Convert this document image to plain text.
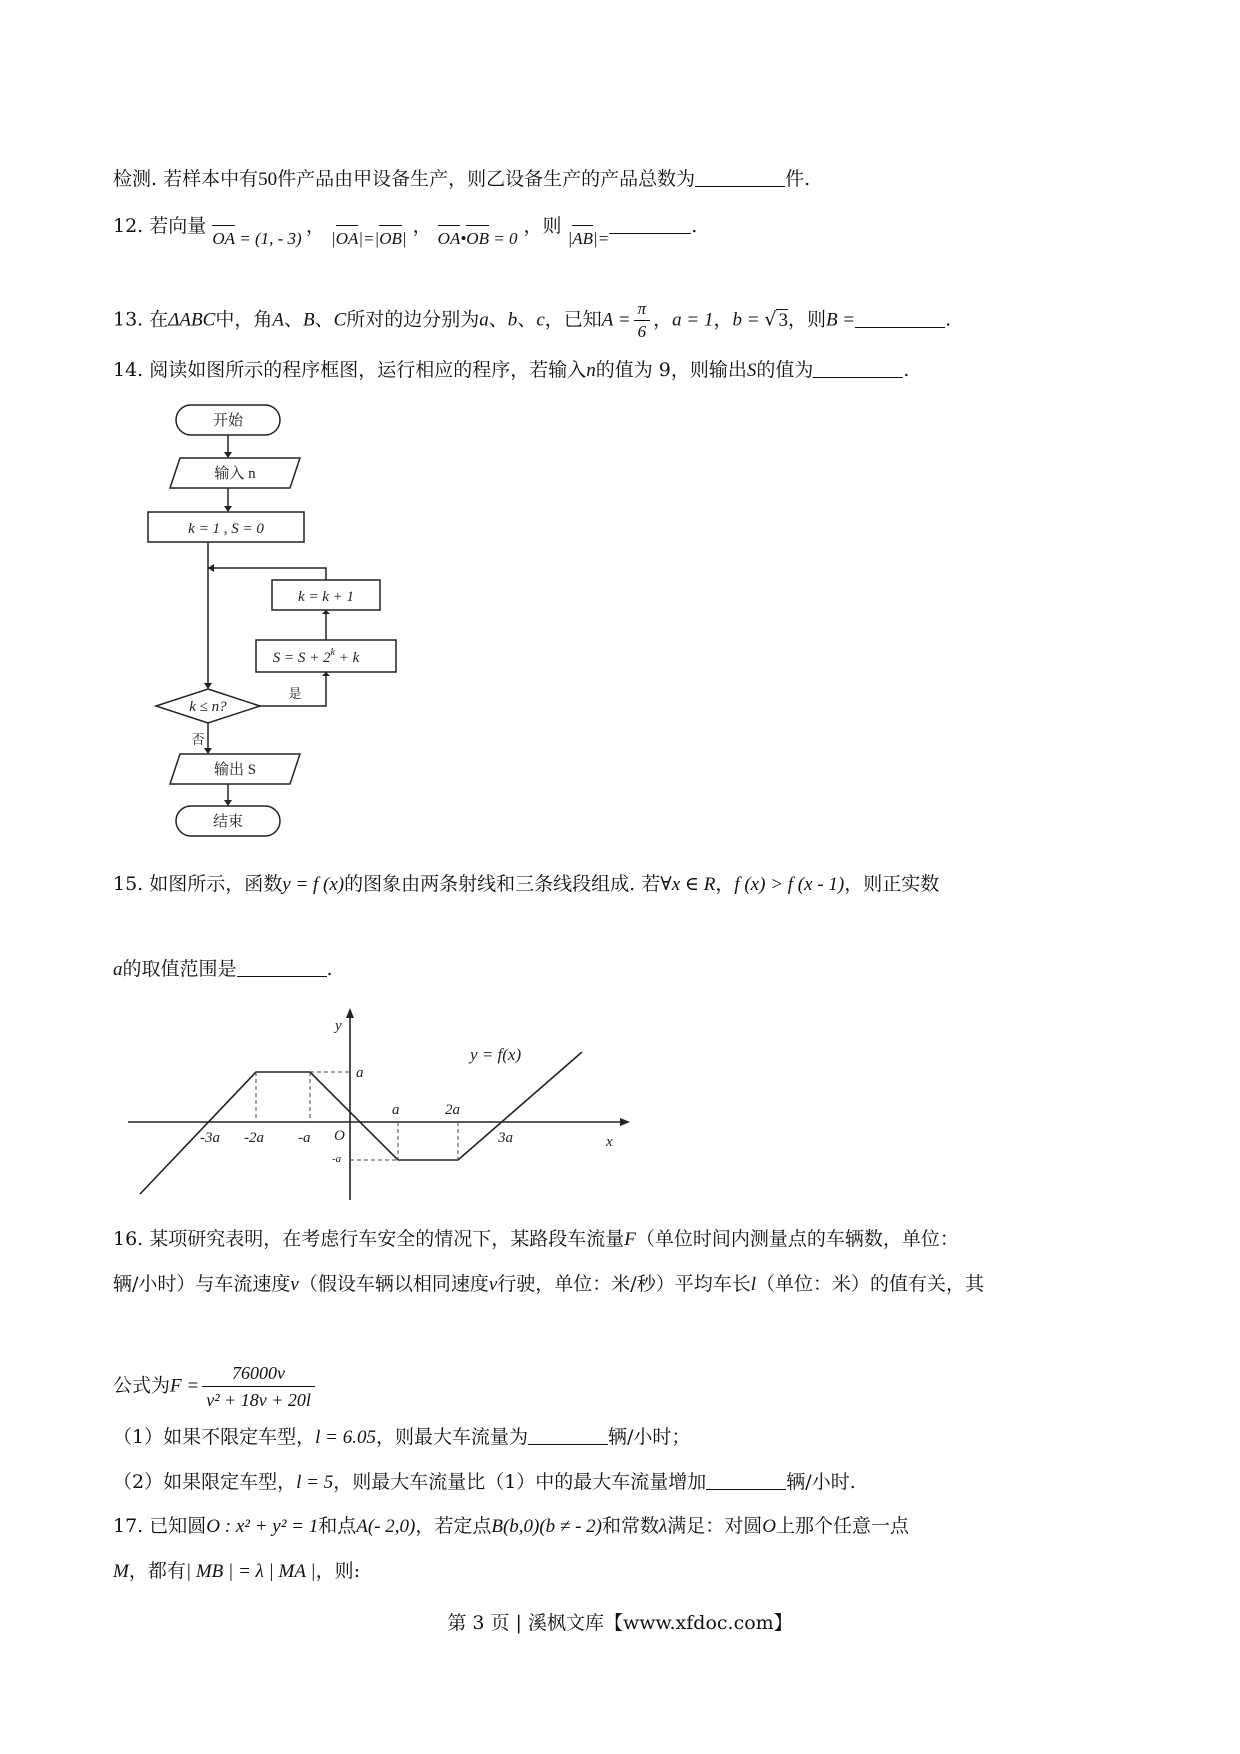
检测. 若样本中有50件产品由甲设备生产，则乙设备生产的产品总数为	件.
12. 若向量 OA = (1, - 3) ， |OA|=|OB| ， OA•OB = 0 ，则 |AB|=.
13. 在ΔABC中，角A、B、C所对的边分别为a、b、c，已知$A = \frac{\pi}{6}$ ，a = 1，b = √ 3，则B =	.
14. 阅读如图所示的程序框图，运行相应的程序，若输入n的值为 9，则输出S的值为	.
开始
输入 n
k = 1 , S = 0
k = k + 1
$S = S + 2^k + k$
k ≤ n?
是
否
输出 S
结束
15. 如图所示，函数y = f (x)的图象由两条射线和三条线段组成. 若∀x ∈ R，f (x) > f (x - 1)，则正实数
a的取值范围是	.
y
x
O
a
-a
y = f(x)
-3a -2a -a
a	2a
3a
16. 某项研究表明，在考虑行车安全的情况下，某路段车流量F（单位时间内测量点的车辆数，单位：
辆/小时）与车流速度v（假设车辆以相同速度v行驶，单位：米/秒）平均车长l（单位：米）的值有关，其
公式为$F = \frac{76000v}{\text{v² + 18v + 20l}}$
（1）如果不限定车型，l = 6.05，则最大车流量为	辆/小时；
（2）如果限定车型，l = 5，则最大车流量比（1）中的最大车流量增加	辆/小时.
17. 已知圆O : x² + y² = 1和点A(- 2,0)，若定点B(b,0)(b ≠ - 2)和常数λ满足：对圆O上那个任意一点
M，都有| MB | = λ | MA |，则:
第 3 页 | 溪枫文库【www.xfdoc.com】
